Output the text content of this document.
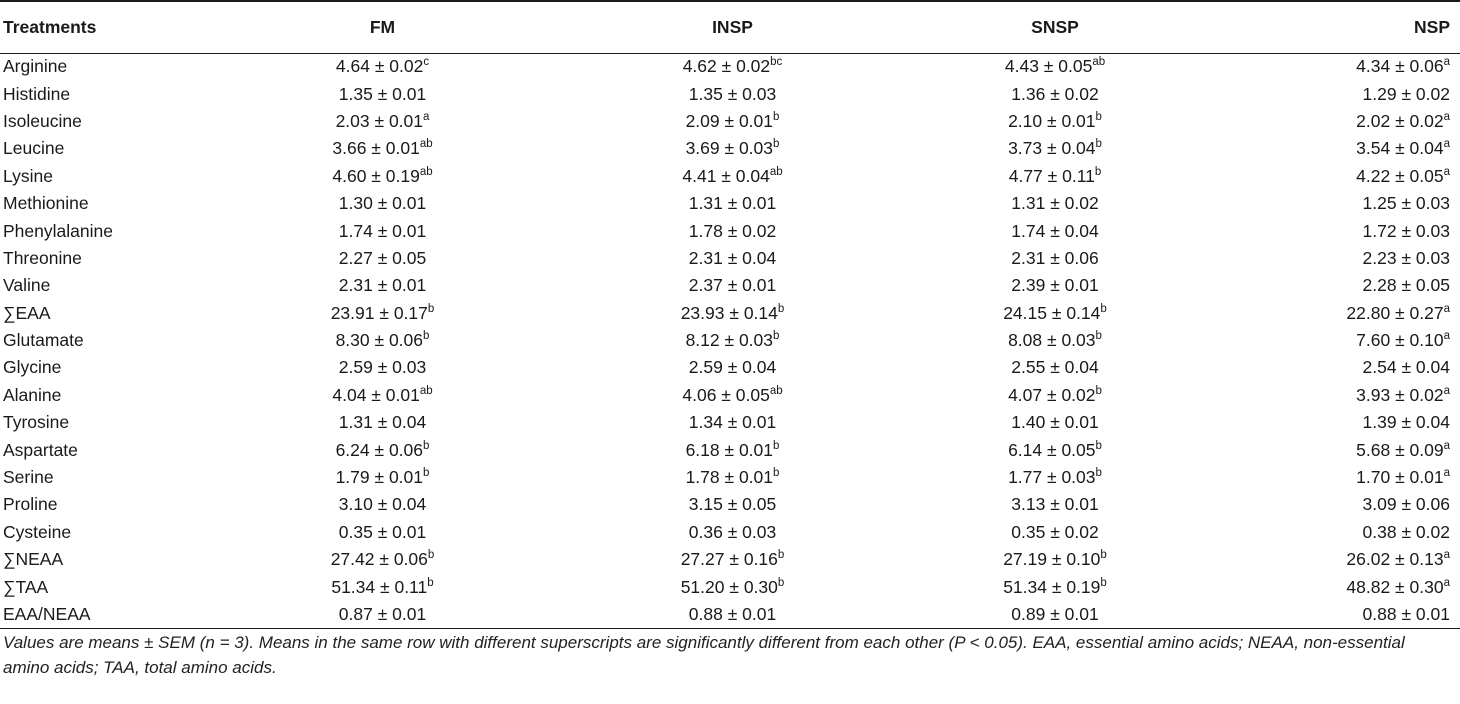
Treatments	FM	INSP	SNSP	NSP
Arginine	4.64 ± 0.02$^c$	4.62 ± 0.02$^{bc}$	4.43 ± 0.05$^{ab}$	4.34 ± 0.06$^a$
Histidine	1.35 ± 0.01	1.35 ± 0.03	1.36 ± 0.02	1.29 ± 0.02
Isoleucine	2.03 ± 0.01$^a$	2.09 ± 0.01$^b$	2.10 ± 0.01$^b$	2.02 ± 0.02$^a$
Leucine	3.66 ± 0.01$^{ab}$	3.69 ± 0.03$^b$	3.73 ± 0.04$^b$	3.54 ± 0.04$^a$
Lysine	4.60 ± 0.19$^{ab}$	4.41 ± 0.04$^{ab}$	4.77 ± 0.11$^b$	4.22 ± 0.05$^a$
Methionine	1.30 ± 0.01	1.31 ± 0.01	1.31 ± 0.02	1.25 ± 0.03
Phenylalanine	1.74 ± 0.01	1.78 ± 0.02	1.74 ± 0.04	1.72 ± 0.03
Threonine	2.27 ± 0.05	2.31 ± 0.04	2.31 ± 0.06	2.23 ± 0.03
Valine	2.31 ± 0.01	2.37 ± 0.01	2.39 ± 0.01	2.28 ± 0.05
∑EAA	23.91 ± 0.17$^b$	23.93 ± 0.14$^b$	24.15 ± 0.14$^b$	22.80 ± 0.27$^a$
Glutamate	8.30 ± 0.06$^b$	8.12 ± 0.03$^b$	8.08 ± 0.03$^b$	7.60 ± 0.10$^a$
Glycine	2.59 ± 0.03	2.59 ± 0.04	2.55 ± 0.04	2.54 ± 0.04
Alanine	4.04 ± 0.01$^{ab}$	4.06 ± 0.05$^{ab}$	4.07 ± 0.02$^b$	3.93 ± 0.02$^a$
Tyrosine	1.31 ± 0.04	1.34 ± 0.01	1.40 ± 0.01	1.39 ± 0.04
Aspartate	6.24 ± 0.06$^b$	6.18 ± 0.01$^b$	6.14 ± 0.05$^b$	5.68 ± 0.09$^a$
Serine	1.79 ± 0.01$^b$	1.78 ± 0.01$^b$	1.77 ± 0.03$^b$	1.70 ± 0.01$^a$
Proline	3.10 ± 0.04	3.15 ± 0.05	3.13 ± 0.01	3.09 ± 0.06
Cysteine	0.35 ± 0.01	0.36 ± 0.03	0.35 ± 0.02	0.38 ± 0.02
∑NEAA	27.42 ± 0.06$^b$	27.27 ± 0.16$^b$	27.19 ± 0.10$^b$	26.02 ± 0.13$^a$
∑TAA	51.34 ± 0.11$^b$	51.20 ± 0.30$^b$	51.34 ± 0.19$^b$	48.82 ± 0.30$^a$
EAA/NEAA	0.87 ± 0.01	0.88 ± 0.01	0.89 ± 0.01	0.88 ± 0.01
Values are means ± SEM (n = 3). Means in the same row with different superscripts are significantly different from each other (P < 0.05). EAA, essential amino acids; NEAA, non-essential amino acids; TAA, total amino acids.
